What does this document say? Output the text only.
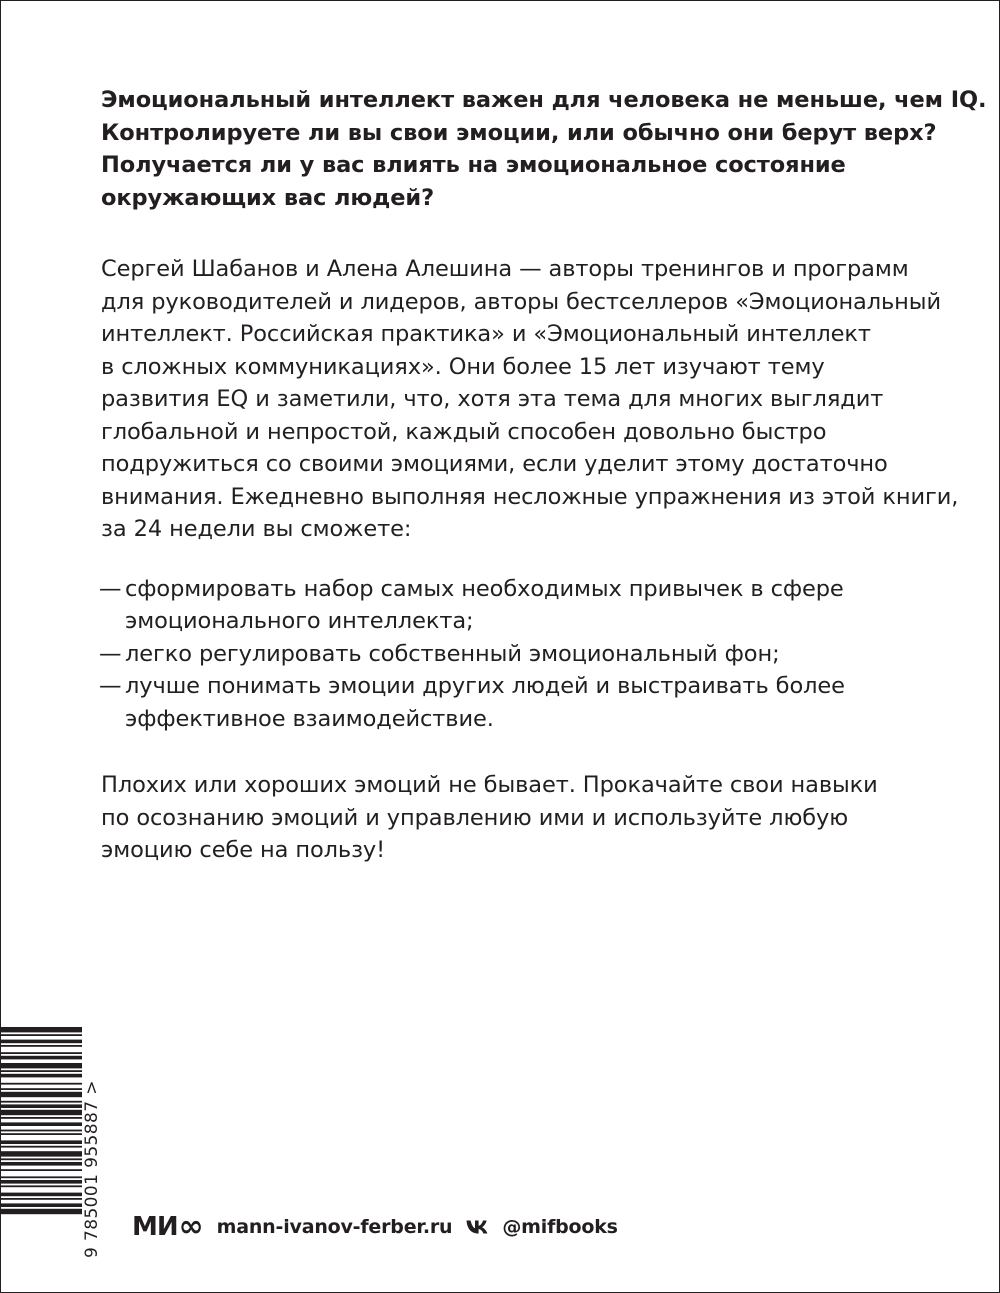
Эмоциональный интеллект важен для человека не меньше, чем IQ.
Контролируете ли вы свои эмоции, или обычно они берут верх?
Получается ли у вас влиять на эмоциональное состояние
окружающих вас людей?

Сергей Шабанов и Алена Алешина — авторы тренингов и программ
для руководителей и лидеров, авторы бестселлеров «Эмоциональный
интеллект. Российская практика» и «Эмоциональный интеллект
в сложных коммуникациях». Они более 15 лет изучают тему
развития EQ и заметили, что, хотя эта тема для многих выглядит
глобальной и непростой, каждый способен довольно быстро
подружиться со своими эмоциями, если уделит этому достаточно
внимания. Ежедневно выполняя несложные упражнения из этой книги,
за 24 недели вы сможете:

— сформировать набор самых необходимых привычек в сфере
эмоционального интеллекта;
— легко регулировать собственный эмоциональный фон;
— лучше понимать эмоции других людей и выстраивать более
эффективное взаимодействие.

Плохих или хороших эмоций не бывает. Прокачайте свои навыки
по осознанию эмоций и управлению ими и используйте любую
эмоцию себе на пользу!

9 785001 955887 > МИ ∞ mann-ivanov-ferber.ru	@mifbooks
